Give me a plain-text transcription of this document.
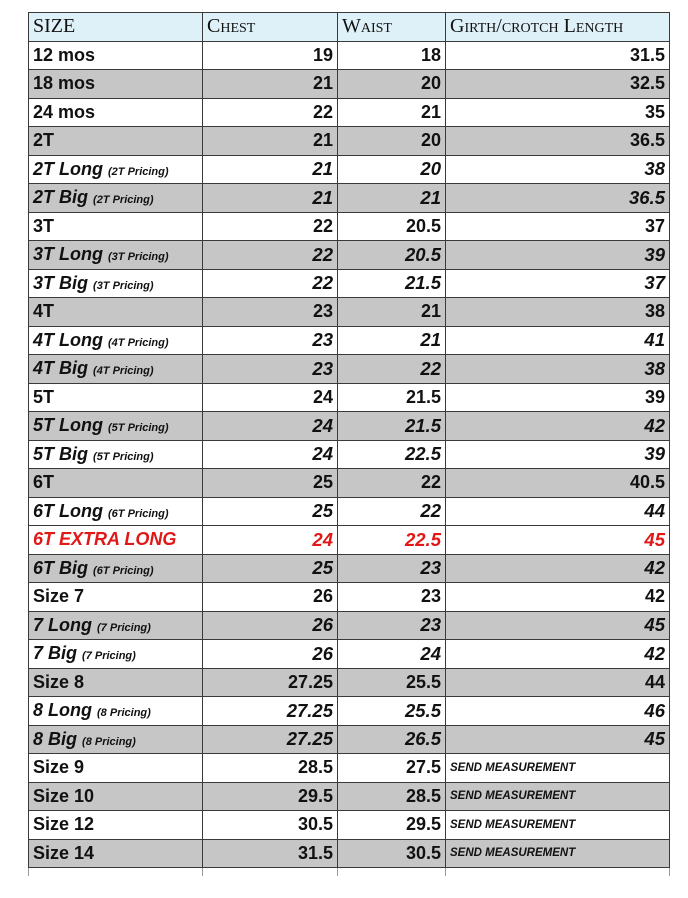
SIZE	Chest	Waist	Girth/crotch Length
12 mos	19	18	31.5
18 mos	21	20	32.5
24 mos	22	21	35
2T	21	20	36.5
2T Long (2T Pricing)	21	20	38
2T Big (2T Pricing)	21	21	36.5
3T	22	20.5	37
3T Long (3T Pricing)	22	20.5	39
3T Big (3T Pricing)	22	21.5	37
4T	23	21	38
4T Long (4T Pricing)	23	21	41
4T Big (4T Pricing)	23	22	38
5T	24	21.5	39
5T Long (5T Pricing)	24	21.5	42
5T Big (5T Pricing)	24	22.5	39
6T	25	22	40.5
6T Long (6T Pricing)	25	22	44
6T EXTRA LONG	24	22.5	45
6T Big (6T Pricing)	25	23	42
Size 7	26	23	42
7 Long (7 Pricing)	26	23	45
7 Big (7 Pricing)	26	24	42
Size 8	27.25	25.5	44
8 Long (8 Pricing)	27.25	25.5	46
8 Big (8 Pricing)	27.25	26.5	45
Size 9	28.5	27.5	SEND MEASUREMENT
Size 10	29.5	28.5	SEND MEASUREMENT
Size 12	30.5	29.5	SEND MEASUREMENT
Size 14	31.5	30.5	SEND MEASUREMENT
